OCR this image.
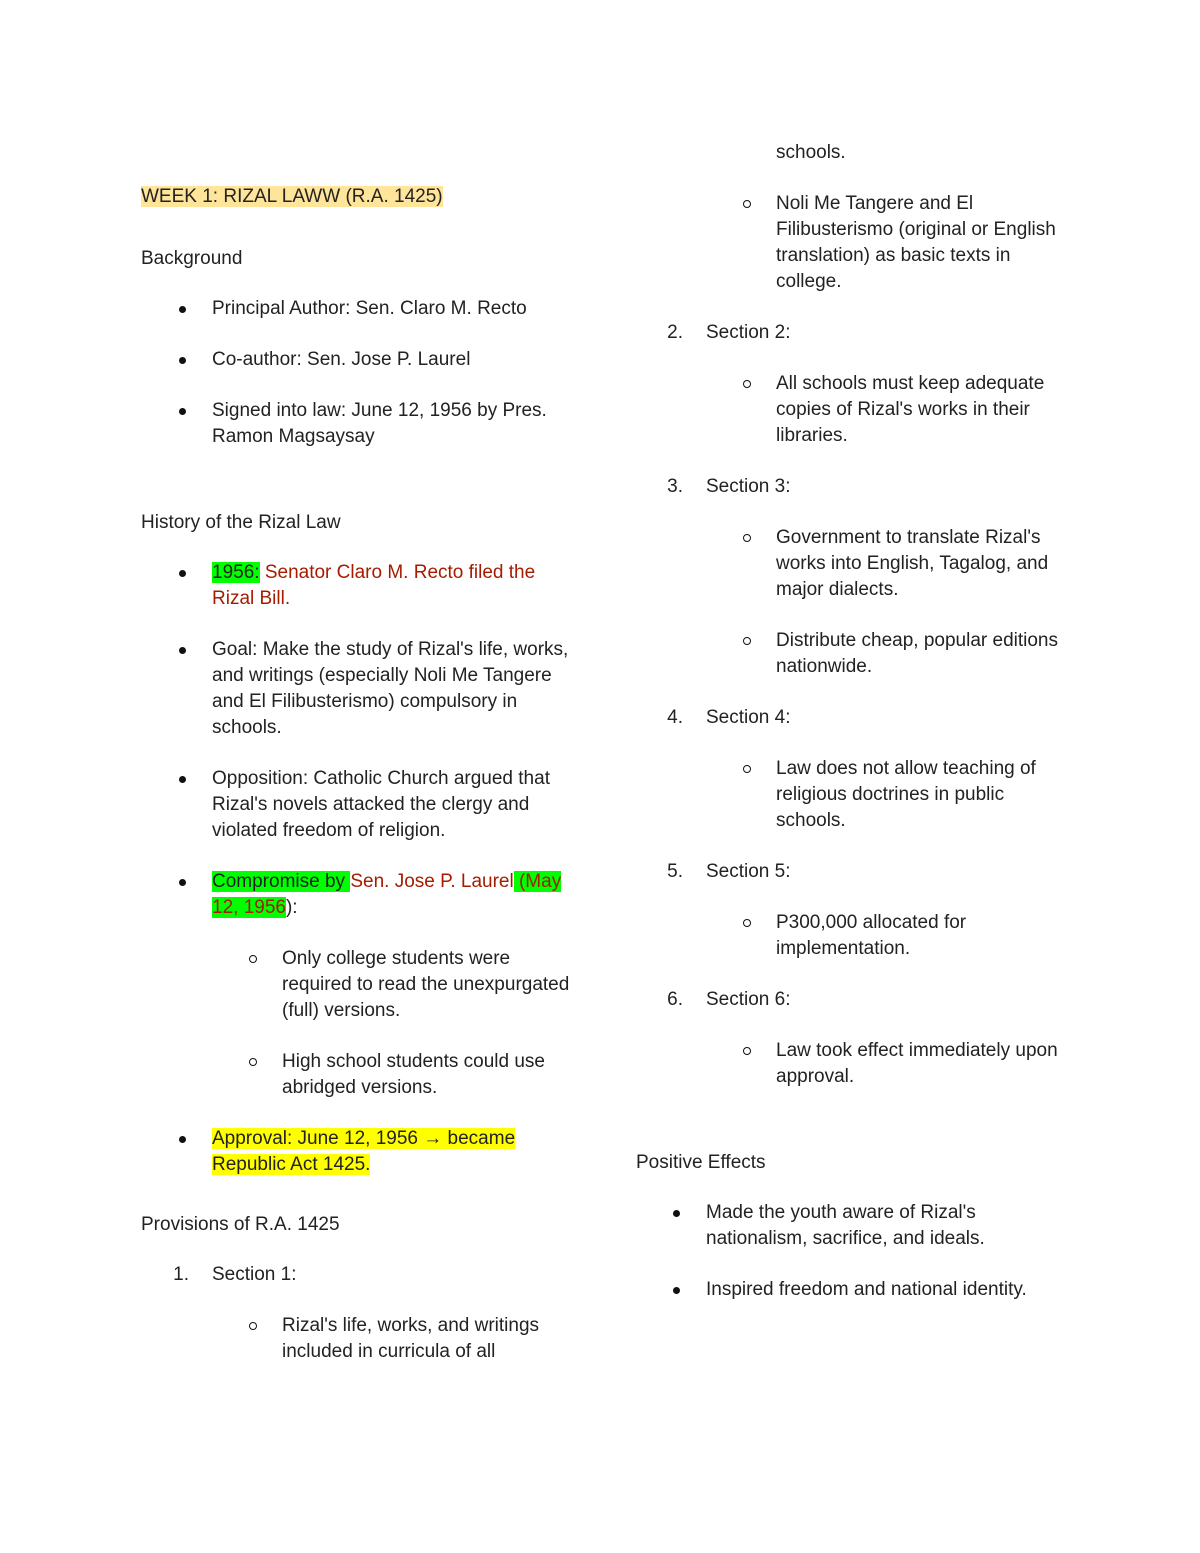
WEEK 1: RIZAL LAWW (R.A. 1425)
Background
Principal Author: Sen. Claro M. Recto
Co-author: Sen. Jose P. Laurel
Signed into law: June 12, 1956 by Pres. Ramon Magsaysay
History of the Rizal Law
1956: Senator Claro M. Recto filed the Rizal Bill.
Goal: Make the study of Rizal's life, works, and writings (especially Noli Me Tangere and El Filibusterismo) compulsory in schools.
Opposition: Catholic Church argued that Rizal's novels attacked the clergy and violated freedom of religion.
Compromise by Sen. Jose P. Laurel (May 12, 1956):
Only college students were required to read the unexpurgated (full) versions.
High school students could use abridged versions.
Approval: June 12, 1956 → became Republic Act 1425.
Provisions of R.A. 1425
1. Section 1:
Rizal's life, works, and writings included in curricula of all
schools.
Noli Me Tangere and El Filibusterismo (original or English translation) as basic texts in college.
2. Section 2:
All schools must keep adequate copies of Rizal's works in their libraries.
3. Section 3:
Government to translate Rizal's works into English, Tagalog, and major dialects.
Distribute cheap, popular editions nationwide.
4. Section 4:
Law does not allow teaching of religious doctrines in public schools.
5. Section 5:
P300,000 allocated for implementation.
6. Section 6:
Law took effect immediately upon approval.
Positive Effects
Made the youth aware of Rizal's nationalism, sacrifice, and ideals.
Inspired freedom and national identity.
